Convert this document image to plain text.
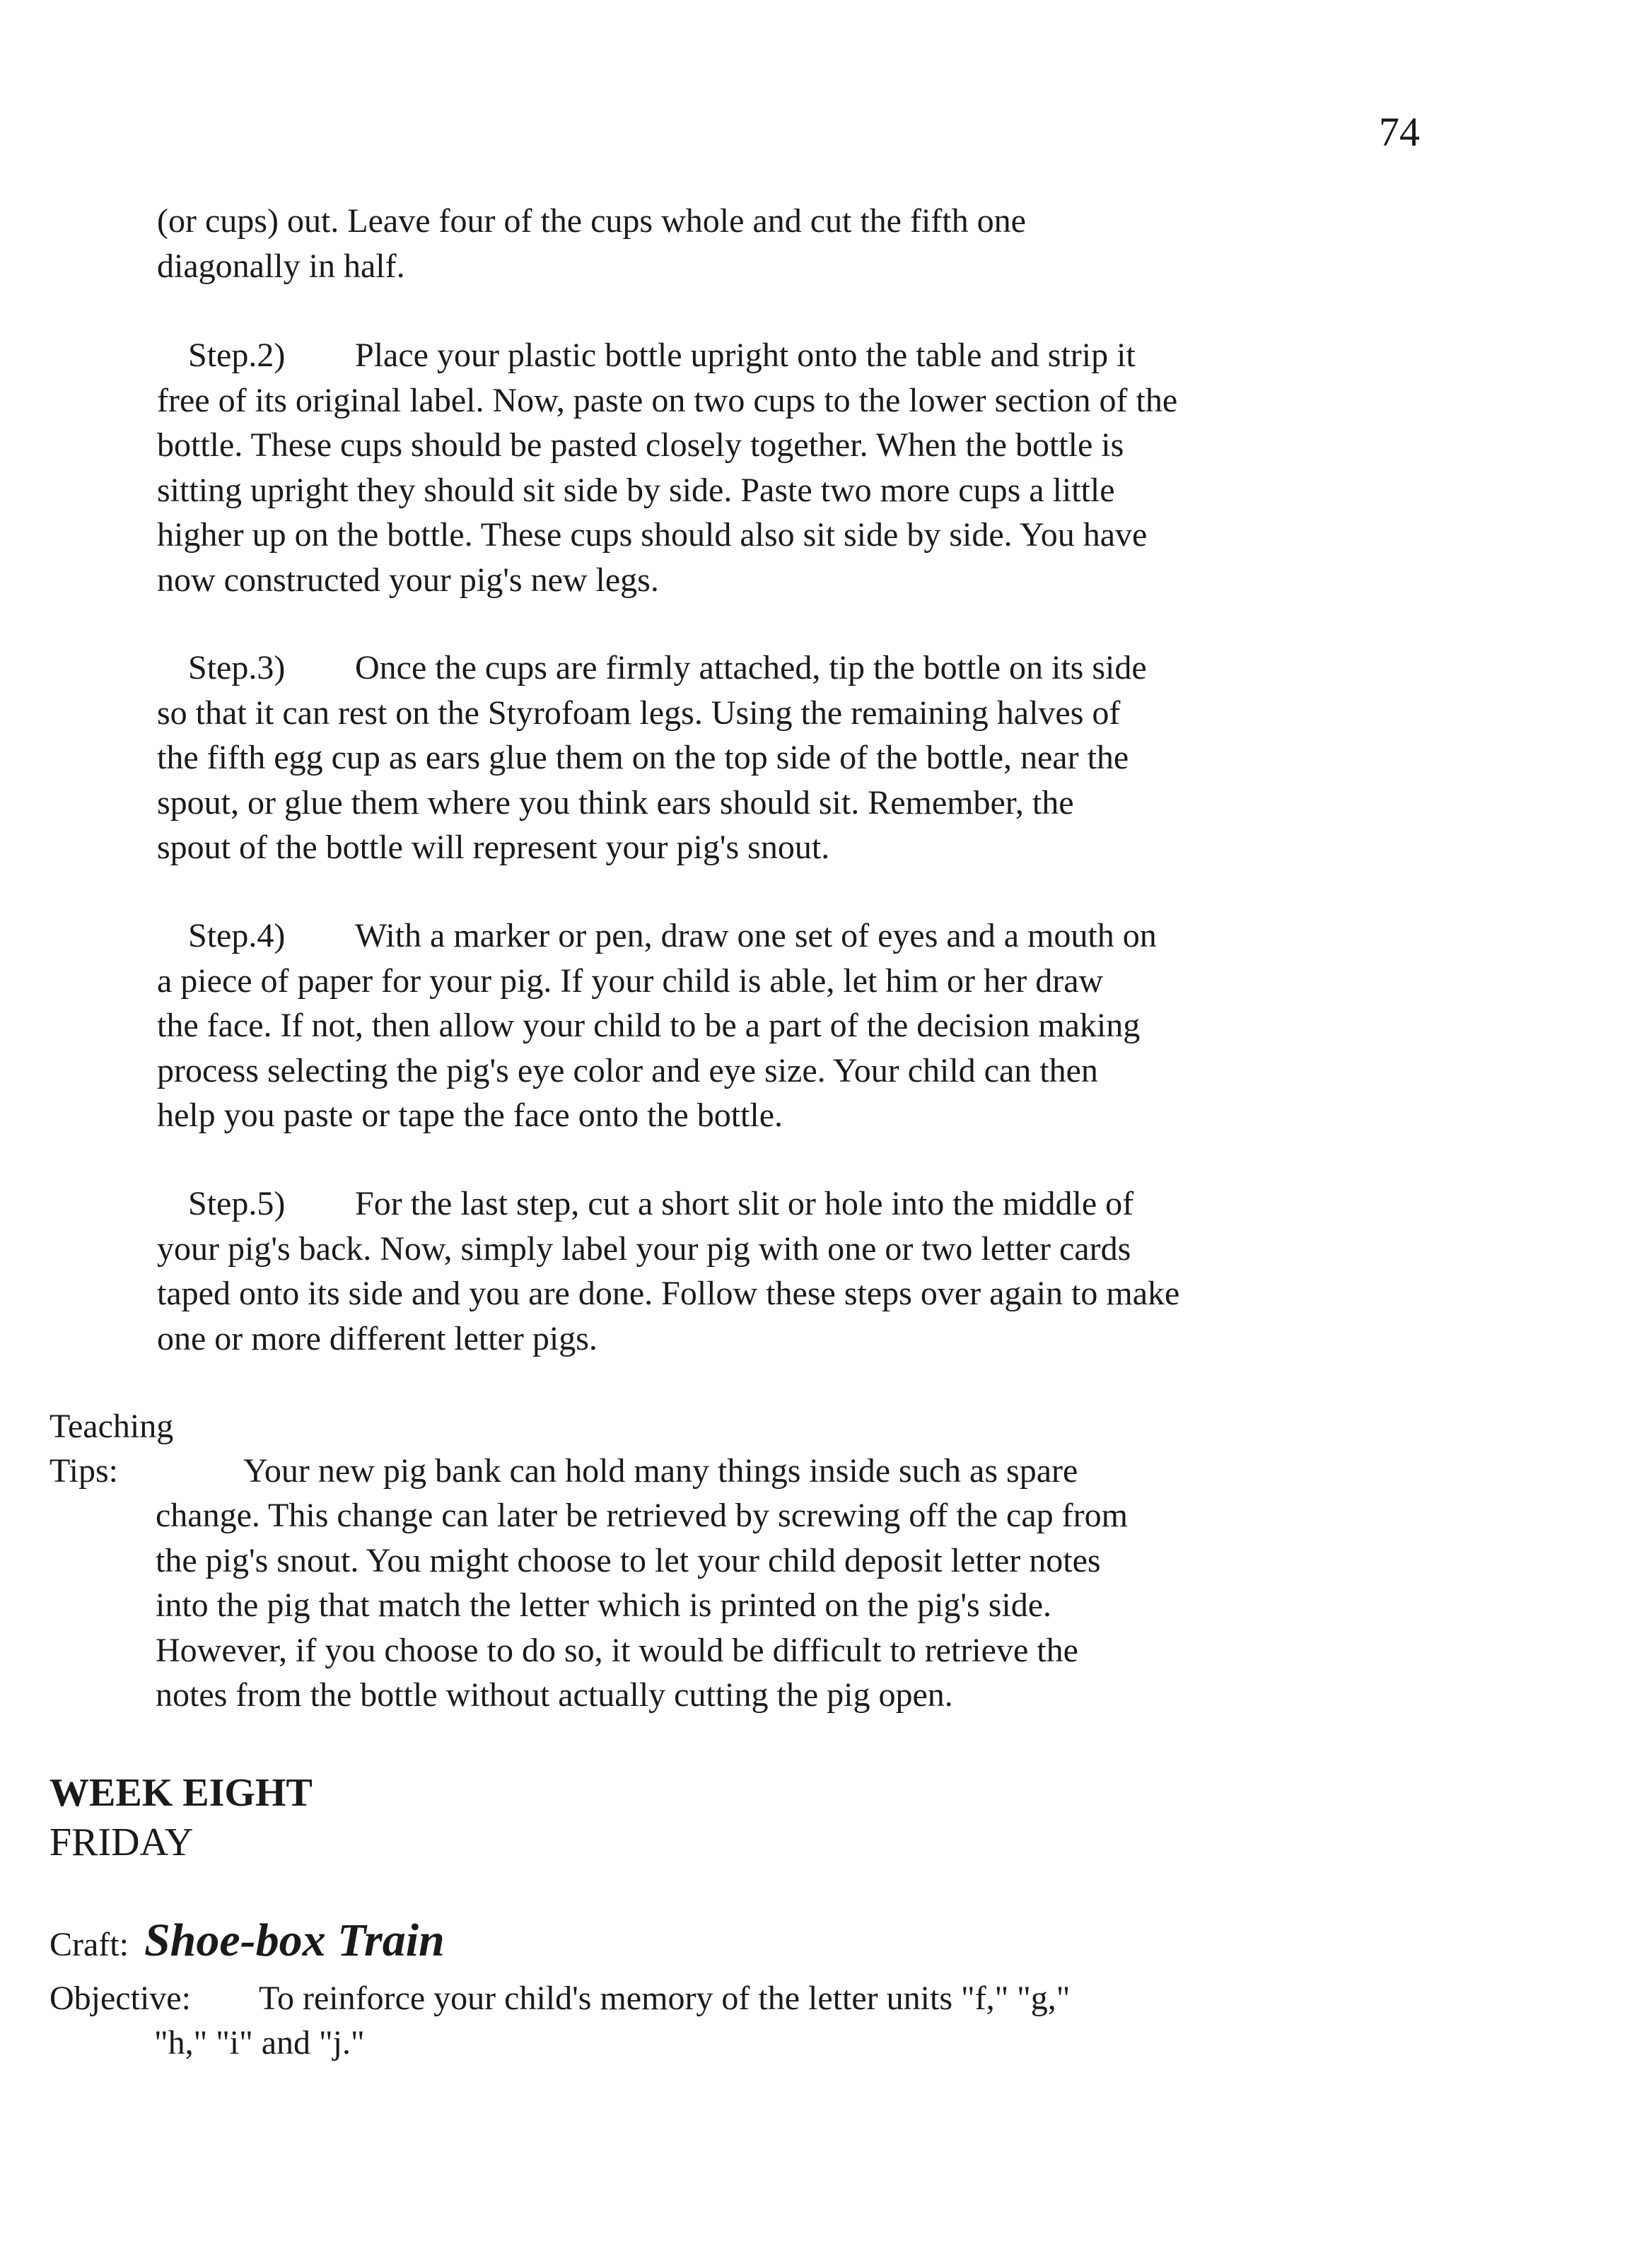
74
(or cups) out. Leave four of the cups whole and cut the fifth one
diagonally in half.
Step.2) Place your plastic bottle upright onto the table and strip it
free of its original label. Now, paste on two cups to the lower section of the
bottle. These cups should be pasted closely together. When the bottle is
sitting upright they should sit side by side. Paste two more cups a little
higher up on the bottle. These cups should also sit side by side. You have
now constructed your pig's new legs.
Step.3) Once the cups are firmly attached, tip the bottle on its side
so that it can rest on the Styrofoam legs. Using the remaining halves of
the fifth egg cup as ears glue them on the top side of the bottle, near the
spout, or glue them where you think ears should sit. Remember, the
spout of the bottle will represent your pig's snout.
Step.4) With a marker or pen, draw one set of eyes and a mouth on
a piece of paper for your pig. If your child is able, let him or her draw
the face. If not, then allow your child to be a part of the decision making
process selecting the pig's eye color and eye size. Your child can then
help you paste or tape the face onto the bottle.
Step.5) For the last step, cut a short slit or hole into the middle of
your pig's back. Now, simply label your pig with one or two letter cards
taped onto its side and you are done. Follow these steps over again to make
one or more different letter pigs.
Teaching
Tips:	Your new pig bank can hold many things inside such as spare
change. This change can later be retrieved by screwing off the cap from
the pig's snout. You might choose to let your child deposit letter notes
into the pig that match the letter which is printed on the pig's side.
However, if you choose to do so, it would be difficult to retrieve the
notes from the bottle without actually cutting the pig open.
WEEK EIGHT
FRIDAY
Craft: Shoe-box Train
Objective: To reinforce your child's memory of the letter units "f," "g,"
"h," "i" and "j."
